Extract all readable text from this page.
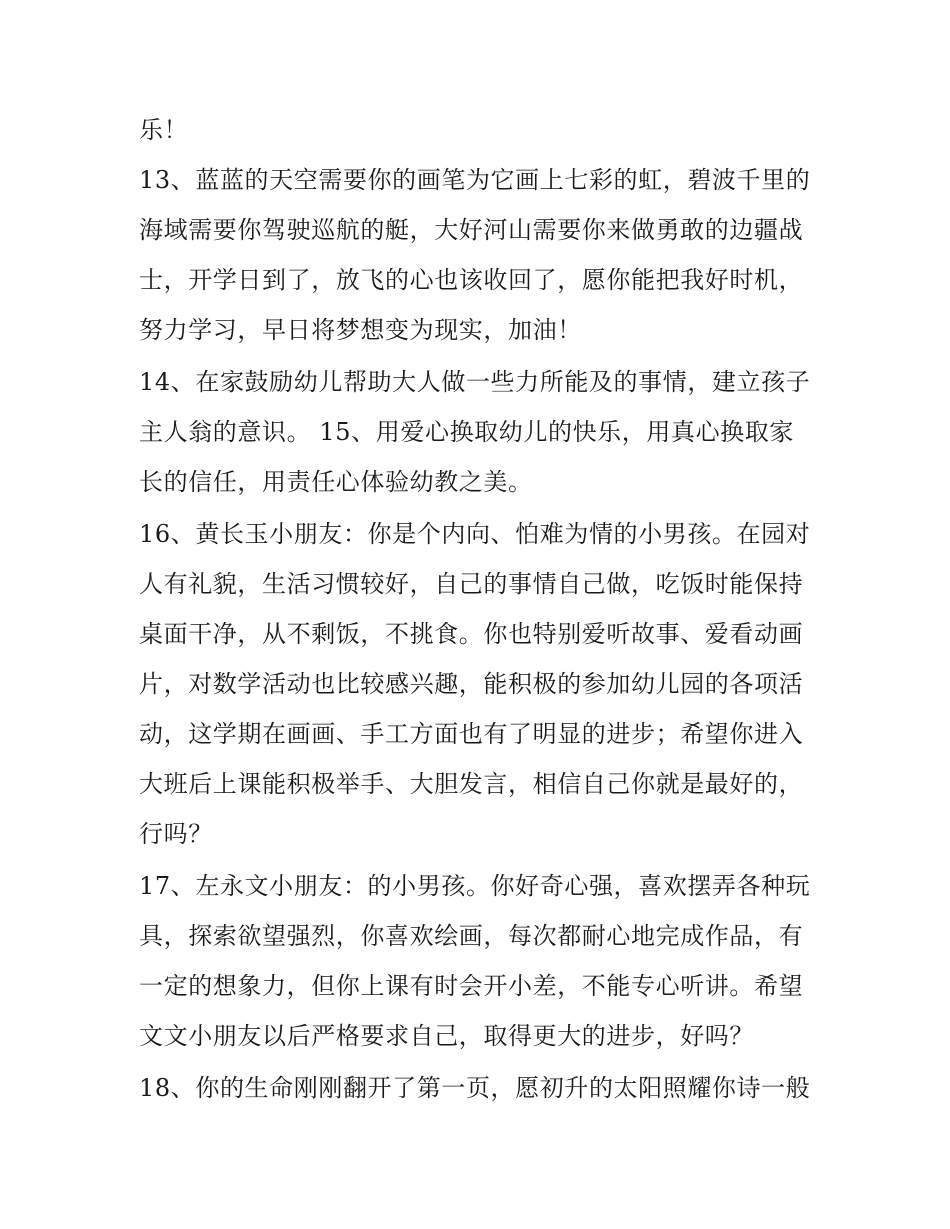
乐！
13、蓝蓝的天空需要你的画笔为它画上七彩的虹，碧波千里的
海域需要你驾驶巡航的艇，大好河山需要你来做勇敢的边疆战
士，开学日到了，放飞的心也该收回了，愿你能把我好时机，
努力学习，早日将梦想变为现实，加油！
14、在家鼓励幼儿帮助大人做一些力所能及的事情，建立孩子
主人翁的意识。 15、用爱心换取幼儿的快乐，用真心换取家
长的信任，用责任心体验幼教之美。
16、黄长玉小朋友：你是个内向、怕难为情的小男孩。在园对
人有礼貌，生活习惯较好，自己的事情自己做，吃饭时能保持
桌面干净，从不剩饭，不挑食。你也特别爱听故事、爱看动画
片，对数学活动也比较感兴趣，能积极的参加幼儿园的各项活
动，这学期在画画、手工方面也有了明显的进步；希望你进入
大班后上课能积极举手、大胆发言，相信自己你就是最好的，
行吗？
17、左永文小朋友：的小男孩。你好奇心强，喜欢摆弄各种玩
具，探索欲望强烈，你喜欢绘画，每次都耐心地完成作品，有
一定的想象力，但你上课有时会开小差，不能专心听讲。希望
文文小朋友以后严格要求自己，取得更大的进步，好吗？
18、你的生命刚刚翻开了第一页，愿初升的太阳照耀你诗一般
